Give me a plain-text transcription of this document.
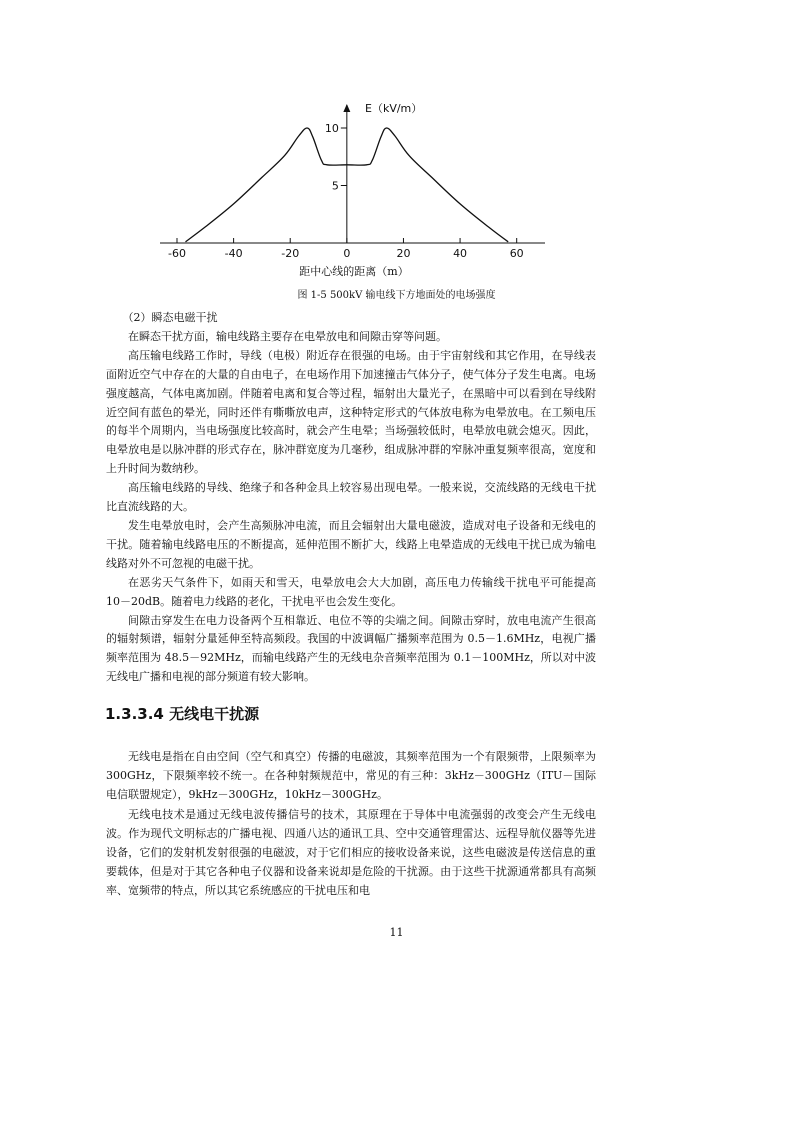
-60	-40	-20	0	20	40	60
5
10
E（kV/m）
距中心线的距离（m）
图 1-5 500kV 输电线下方地面处的电场强度

（2）瞬态电磁干扰

在瞬态干扰方面，输电线路主要存在电晕放电和间隙击穿等问题。

高压输电线路工作时，导线（电极）附近存在很强的电场。由于宇宙射线和其它作用，在导线表面附近空气中存在的大量的自由电子，在电场作用下加速撞击气体分子，使气体分子发生电离。电场强度越高，气体电离加剧。伴随着电离和复合等过程，辐射出大量光子，在黑暗中可以看到在导线附近空间有蓝色的晕光，同时还伴有嘶嘶放电声，这种特定形式的气体放电称为电晕放电。在工频电压的每半个周期内，当电场强度比较高时，就会产生电晕；当场强较低时，电晕放电就会熄灭。因此，电晕放电是以脉冲群的形式存在，脉冲群宽度为几毫秒，组成脉冲群的窄脉冲重复频率很高，宽度和上升时间为数纳秒。

高压输电线路的导线、绝缘子和各种金具上较容易出现电晕。一般来说，交流线路的无线电干扰比直流线路的大。

发生电晕放电时，会产生高频脉冲电流，而且会辐射出大量电磁波，造成对电子设备和无线电的干扰。随着输电线路电压的不断提高，延伸范围不断扩大，线路上电晕造成的无线电干扰已成为输电线路对外不可忽视的电磁干扰。

在恶劣天气条件下，如雨天和雪天，电晕放电会大大加剧，高压电力传输线干扰电平可能提高 10－20dB。随着电力线路的老化，干扰电平也会发生变化。

间隙击穿发生在电力设备两个互相靠近、电位不等的尖端之间。间隙击穿时，放电电流产生很高的辐射频谱，辐射分量延伸至特高频段。我国的中波调幅广播频率范围为 0.5－1.6MHz，电视广播频率范围为 48.5－92MHz，而输电线路产生的无线电杂音频率范围为 0.1－100MHz，所以对中波无线电广播和电视的部分频道有较大影响。

1.3.3.4 无线电干扰源

无线电是指在自由空间（空气和真空）传播的电磁波，其频率范围为一个有限频带，上限频率为 300GHz，下限频率较不统一。在各种射频规范中，常见的有三种：3kHz－300GHz（ITU－国际电信联盟规定），9kHz－300GHz，10kHz－300GHz。

无线电技术是通过无线电波传播信号的技术，其原理在于导体中电流强弱的改变会产生无线电波。作为现代文明标志的广播电视、四通八达的通讯工具、空中交通管理雷达、远程导航仪器等先进设备，它们的发射机发射很强的电磁波，对于它们相应的接收设备来说，这些电磁波是传送信息的重要载体，但是对于其它各种电子仪器和设备来说却是危险的干扰源。由于这些干扰源通常都具有高频率、宽频带的特点，所以其它系统感应的干扰电压和电

11
